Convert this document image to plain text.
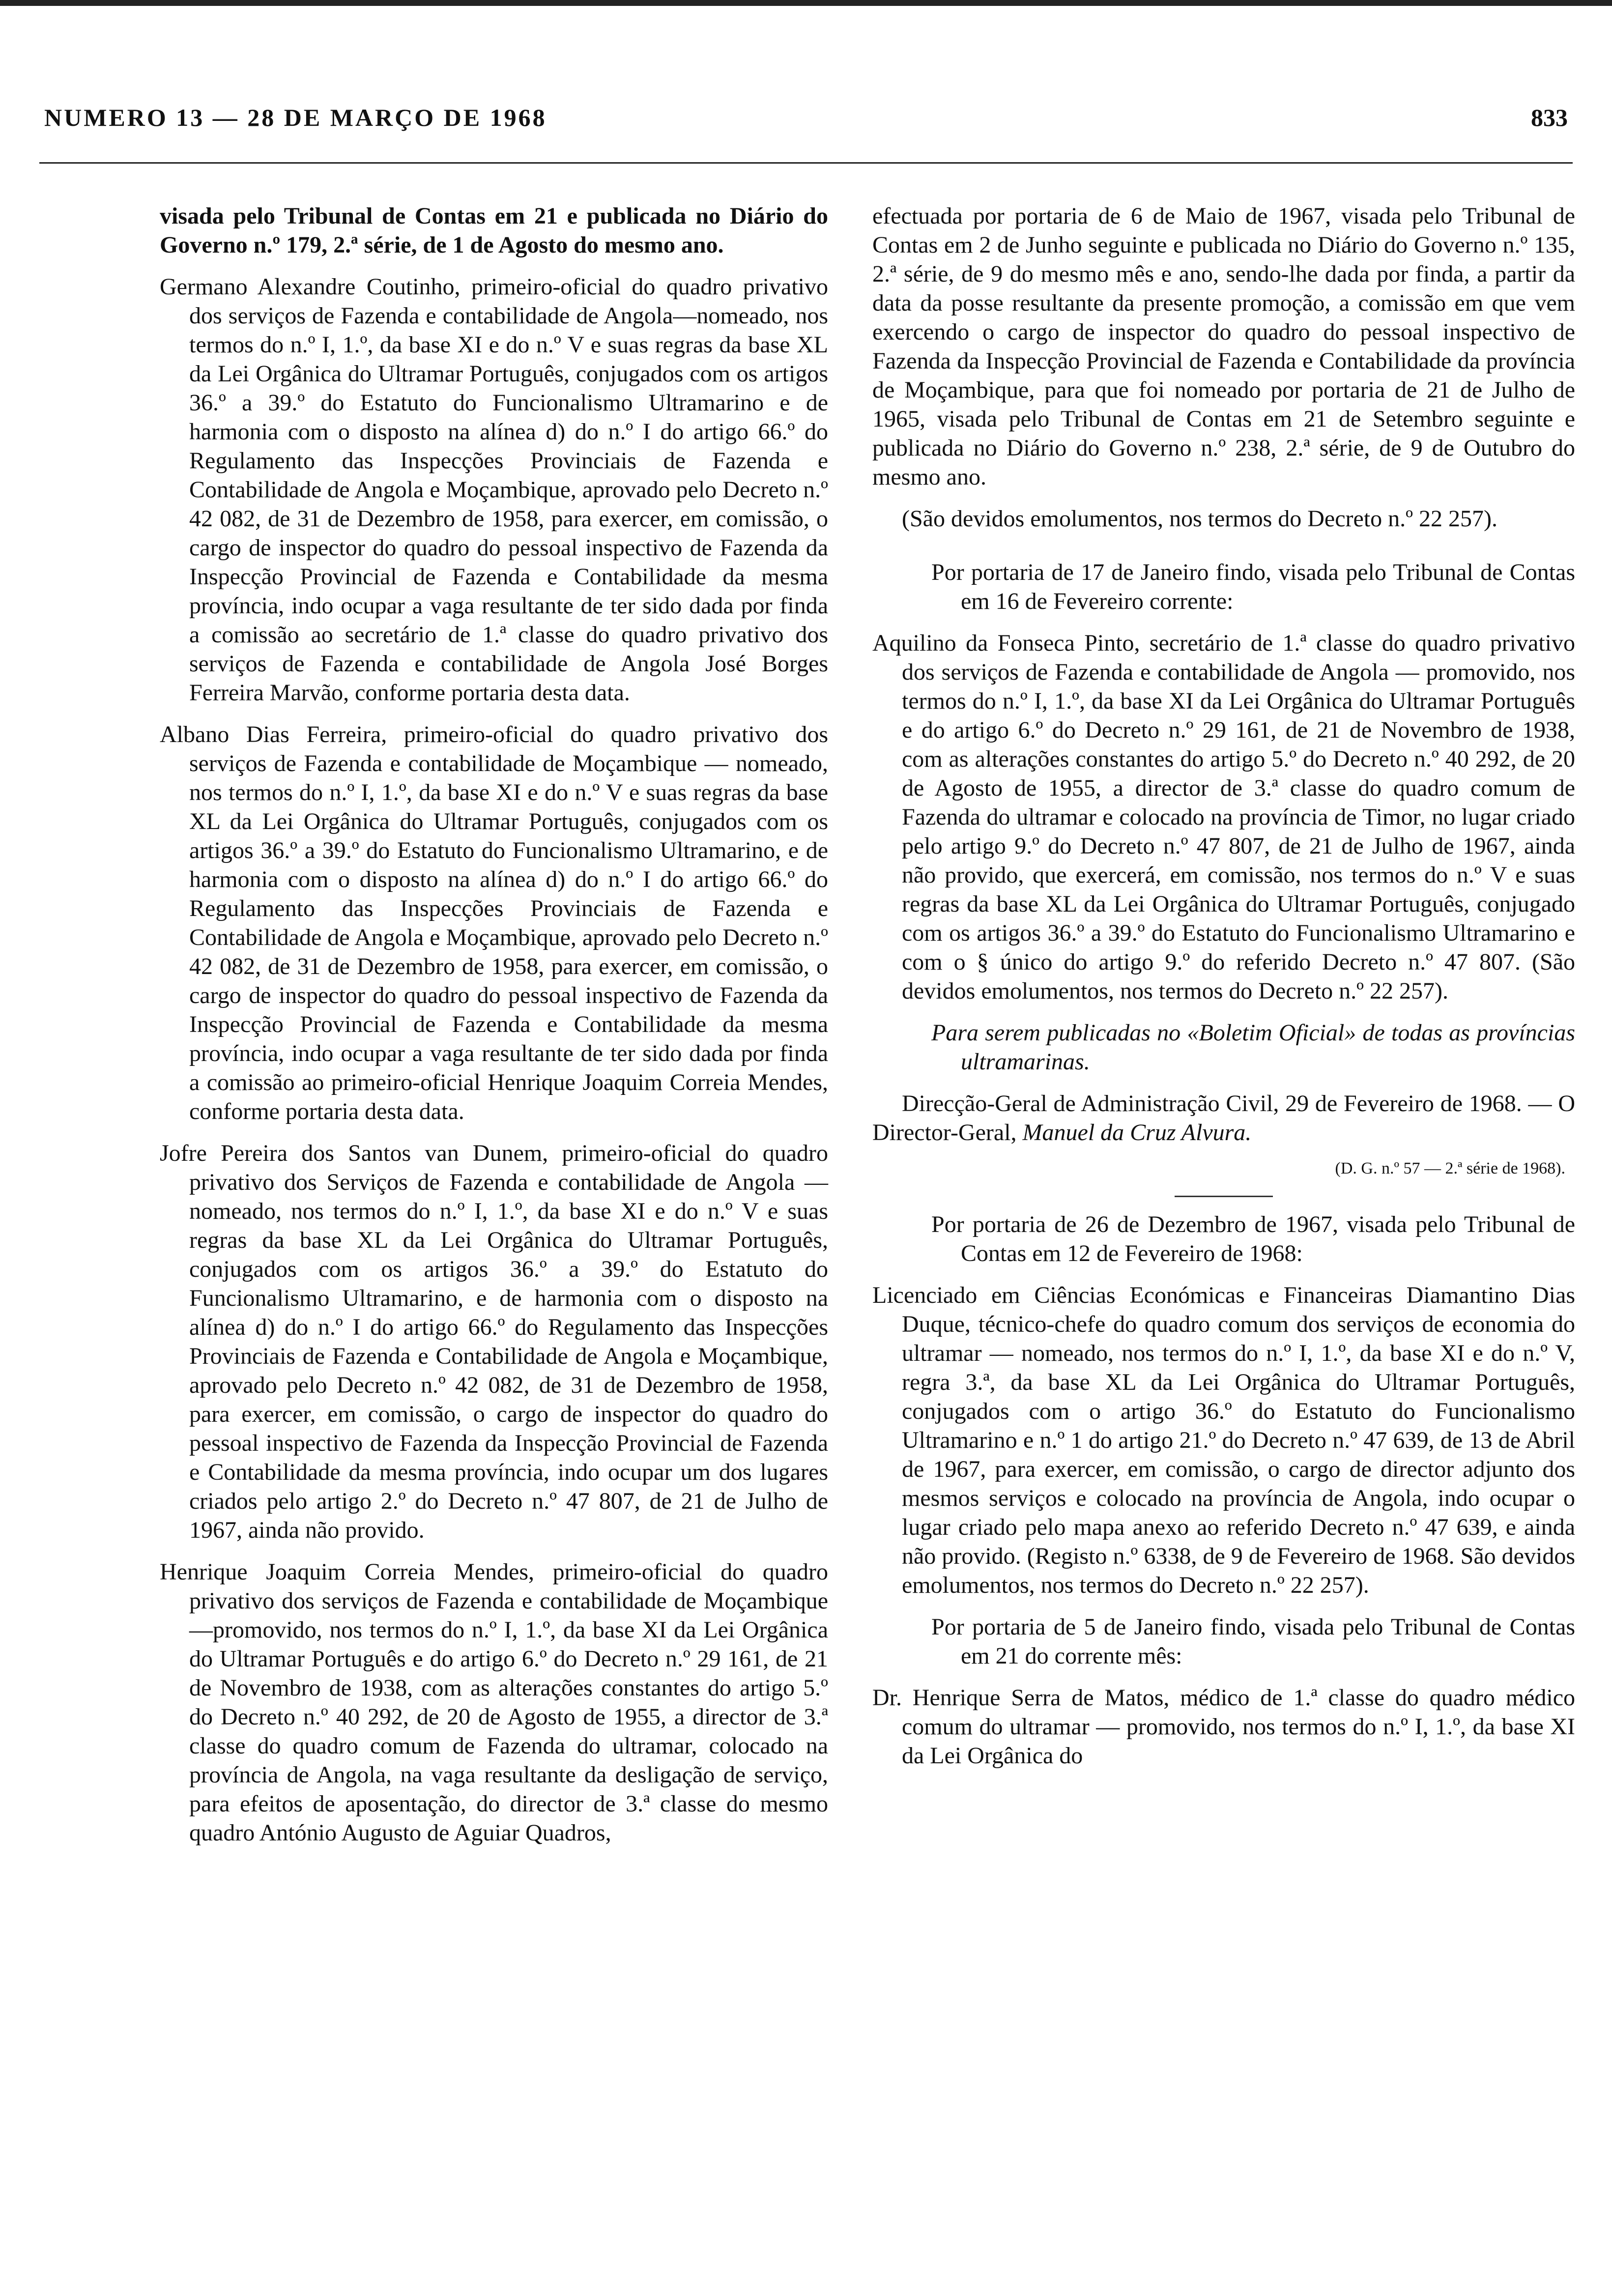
NUMERO 13 — 28 DE MARÇO DE 1968	833

visada pelo Tribunal de Contas em 21 e publicada no Diário do Governo n.º 179, 2.ª série, de 1 de Agosto do mesmo ano.

Germano Alexandre Coutinho, primeiro-oficial do quadro privativo dos serviços de Fazenda e contabilidade de Angola—nomeado, nos termos do n.º I, 1.º, da base XI e do n.º V e suas regras da base XL da Lei Orgânica do Ultramar Português, conjugados com os artigos 36.º a 39.º do Estatuto do Funcionalismo Ultramarino e de harmonia com o disposto na alínea d) do n.º I do artigo 66.º do Regulamento das Inspecções Provinciais de Fazenda e Contabilidade de Angola e Moçambique, aprovado pelo Decreto n.º 42 082, de 31 de Dezembro de 1958, para exercer, em comissão, o cargo de inspector do quadro do pessoal inspectivo de Fazenda da Inspecção Provincial de Fazenda e Contabilidade da mesma província, indo ocupar a vaga resultante de ter sido dada por finda a comissão ao secretário de 1.ª classe do quadro privativo dos serviços de Fazenda e contabilidade de Angola José Borges Ferreira Marvão, conforme portaria desta data.

Albano Dias Ferreira, primeiro-oficial do quadro privativo dos serviços de Fazenda e contabilidade de Moçambique — nomeado, nos termos do n.º I, 1.º, da base XI e do n.º V e suas regras da base XL da Lei Orgânica do Ultramar Português, conjugados com os artigos 36.º a 39.º do Estatuto do Funcionalismo Ultramarino, e de harmonia com o disposto na alínea d) do n.º I do artigo 66.º do Regulamento das Inspecções Provinciais de Fazenda e Contabilidade de Angola e Moçambique, aprovado pelo Decreto n.º 42 082, de 31 de Dezembro de 1958, para exercer, em comissão, o cargo de inspector do quadro do pessoal inspectivo de Fazenda da Inspecção Provincial de Fazenda e Contabilidade da mesma província, indo ocupar a vaga resultante de ter sido dada por finda a comissão ao primeiro-oficial Henrique Joaquim Correia Mendes, conforme portaria desta data.

Jofre Pereira dos Santos van Dunem, primeiro-oficial do quadro privativo dos Serviços de Fazenda e contabilidade de Angola — nomeado, nos termos do n.º I, 1.º, da base XI e do n.º V e suas regras da base XL da Lei Orgânica do Ultramar Português, conjugados com os artigos 36.º a 39.º do Estatuto do Funcionalismo Ultramarino, e de harmonia com o disposto na alínea d) do n.º I do artigo 66.º do Regulamento das Inspecções Provinciais de Fazenda e Contabilidade de Angola e Moçambique, aprovado pelo Decreto n.º 42 082, de 31 de Dezembro de 1958, para exercer, em comissão, o cargo de inspector do quadro do pessoal inspectivo de Fazenda da Inspecção Provincial de Fazenda e Contabilidade da mesma província, indo ocupar um dos lugares criados pelo artigo 2.º do Decreto n.º 47 807, de 21 de Julho de 1967, ainda não provido.

Henrique Joaquim Correia Mendes, primeiro-oficial do quadro privativo dos serviços de Fazenda e contabilidade de Moçambique—promovido, nos termos do n.º I, 1.º, da base XI da Lei Orgânica do Ultramar Português e do artigo 6.º do Decreto n.º 29 161, de 21 de Novembro de 1938, com as alterações constantes do artigo 5.º do Decreto n.º 40 292, de 20 de Agosto de 1955, a director de 3.ª classe do quadro comum de Fazenda do ultramar, colocado na província de Angola, na vaga resultante da desligação de serviço, para efeitos de aposentação, do director de 3.ª classe do mesmo quadro António Augusto de Aguiar Quadros,

efectuada por portaria de 6 de Maio de 1967, visada pelo Tribunal de Contas em 2 de Junho seguinte e publicada no Diário do Governo n.º 135, 2.ª série, de 9 do mesmo mês e ano, sendo-lhe dada por finda, a partir da data da posse resultante da presente promoção, a comissão em que vem exercendo o cargo de inspector do quadro do pessoal inspectivo de Fazenda da Inspecção Provincial de Fazenda e Contabilidade da província de Moçambique, para que foi nomeado por portaria de 21 de Julho de 1965, visada pelo Tribunal de Contas em 21 de Setembro seguinte e publicada no Diário do Governo n.º 238, 2.ª série, de 9 de Outubro do mesmo ano.

(São devidos emolumentos, nos termos do Decreto n.º 22 257).

Por portaria de 17 de Janeiro findo, visada pelo Tribunal de Contas em 16 de Fevereiro corrente:

Aquilino da Fonseca Pinto, secretário de 1.ª classe do quadro privativo dos serviços de Fazenda e contabilidade de Angola — promovido, nos termos do n.º I, 1.º, da base XI da Lei Orgânica do Ultramar Português e do artigo 6.º do Decreto n.º 29 161, de 21 de Novembro de 1938, com as alterações constantes do artigo 5.º do Decreto n.º 40 292, de 20 de Agosto de 1955, a director de 3.ª classe do quadro comum de Fazenda do ultramar e colocado na província de Timor, no lugar criado pelo artigo 9.º do Decreto n.º 47 807, de 21 de Julho de 1967, ainda não provido, que exercerá, em comissão, nos termos do n.º V e suas regras da base XL da Lei Orgânica do Ultramar Português, conjugado com os artigos 36.º a 39.º do Estatuto do Funcionalismo Ultramarino e com o § único do artigo 9.º do referido Decreto n.º 47 807. (São devidos emolumentos, nos termos do Decreto n.º 22 257).

Para serem publicadas no «Boletim Oficial» de todas as províncias ultramarinas.

Direcção-Geral de Administração Civil, 29 de Fevereiro de 1968. — O Director-Geral, Manuel da Cruz Alvura.

(D. G. n.º 57 — 2.ª série de 1968).

Por portaria de 26 de Dezembro de 1967, visada pelo Tribunal de Contas em 12 de Fevereiro de 1968:

Licenciado em Ciências Económicas e Financeiras Diamantino Dias Duque, técnico-chefe do quadro comum dos serviços de economia do ultramar — nomeado, nos termos do n.º I, 1.º, da base XI e do n.º V, regra 3.ª, da base XL da Lei Orgânica do Ultramar Português, conjugados com o artigo 36.º do Estatuto do Funcionalismo Ultramarino e n.º 1 do artigo 21.º do Decreto n.º 47 639, de 13 de Abril de 1967, para exercer, em comissão, o cargo de director adjunto dos mesmos serviços e colocado na província de Angola, indo ocupar o lugar criado pelo mapa anexo ao referido Decreto n.º 47 639, e ainda não provido. (Registo n.º 6338, de 9 de Fevereiro de 1968. São devidos emolumentos, nos termos do Decreto n.º 22 257).

Por portaria de 5 de Janeiro findo, visada pelo Tribunal de Contas em 21 do corrente mês:

Dr. Henrique Serra de Matos, médico de 1.ª classe do quadro médico comum do ultramar — promovido, nos termos do n.º I, 1.º, da base XI da Lei Orgânica do
